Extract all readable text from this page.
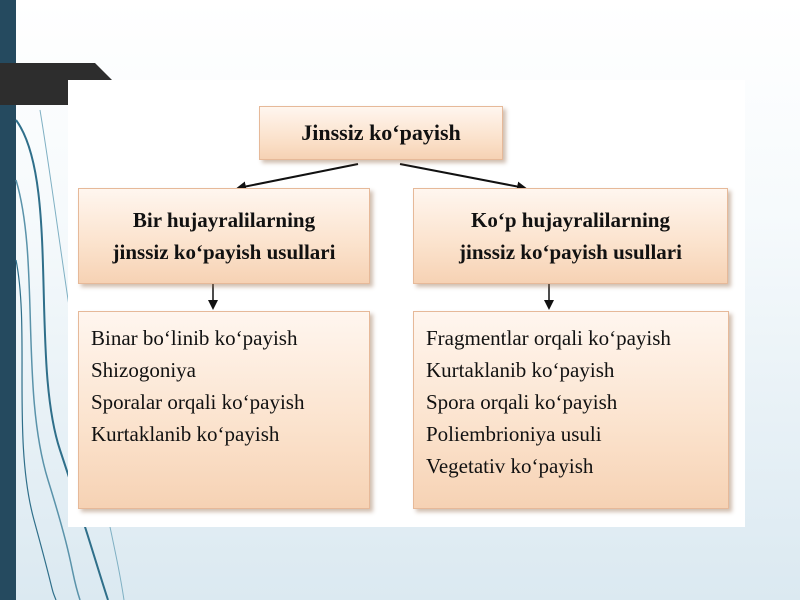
Jinssiz ko‘payish
Bir hujayralilarning
jinssiz ko‘payish usullari
Ko‘p hujayralilarning
jinssiz ko‘payish usullari
Binar bo‘linib ko‘payish
Shizogoniya
Sporalar orqali ko‘payish
Kurtaklanib ko‘payish
Fragmentlar orqali ko‘payish
Kurtaklanib ko‘payish
Spora orqali ko‘payish
Poliembrioniya usuli
Vegetativ ko‘payish
